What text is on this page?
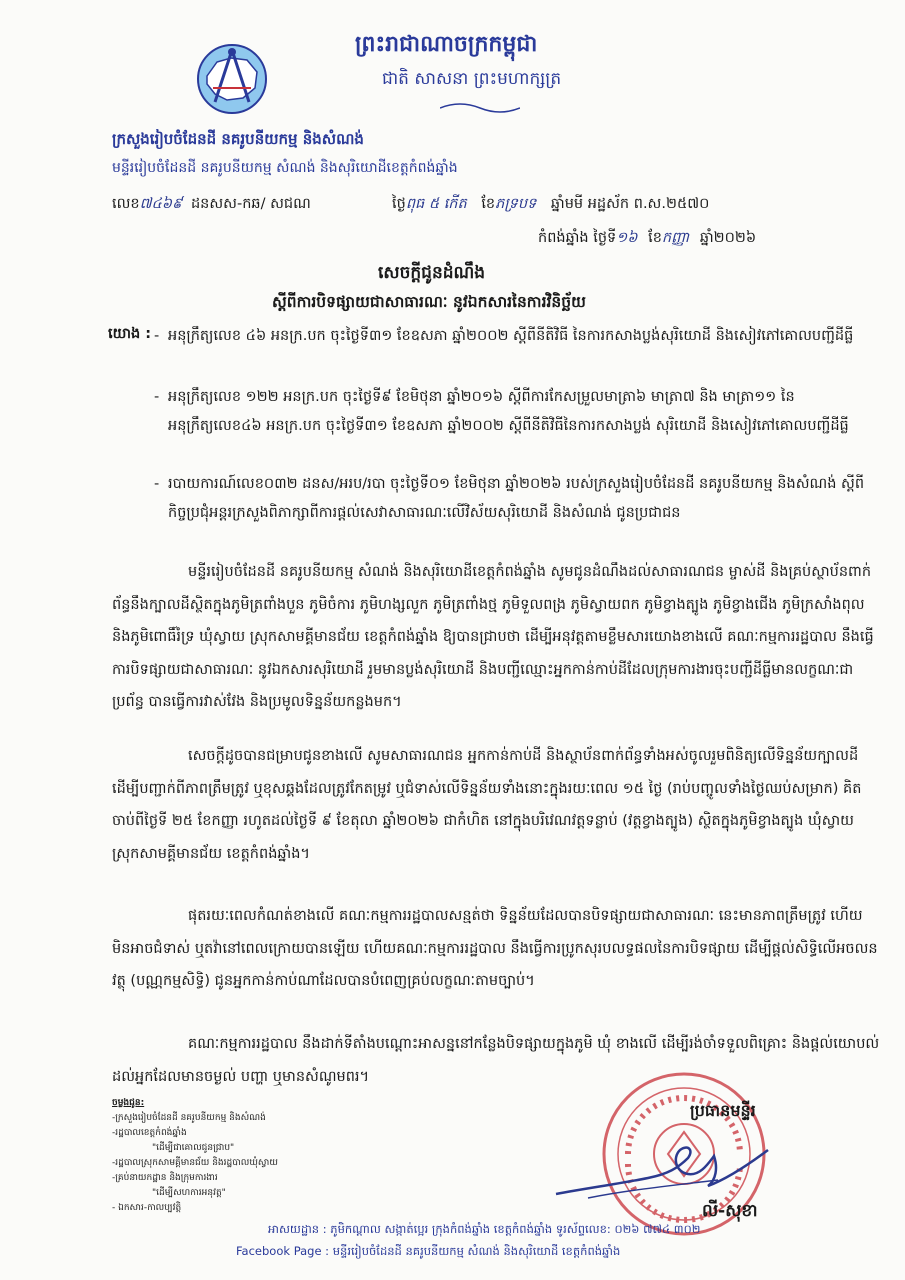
ព្រះរាជាណាចក្រកម្ពុជា
ជាតិ សាសនា ព្រះមហាក្សត្រ
ក្រសួងរៀបចំដែនដី នគរូបនីយកម្ម និងសំណង់
មន្ទីររៀបចំដែនដី នគរូបនីយកម្ម សំណង់ និងសុរិយោដីខេត្តកំពង់ឆ្នាំង
លេខ៧៤៦៩ ដនសស-កឆ/ សជណ	ថ្ងៃពុធ ៥ កើត ខែភទ្របទ ឆ្នាំមមី អដ្ឋស័ក ព.ស.២៥៧០
កំពង់ឆ្នាំង ថ្ងៃទី១៦ ខែកញ្ញា ឆ្នាំ២០២៦
សេចក្តីជូនដំណឹង
ស្តីពីការបិទផ្សាយជាសាធារណៈ នូវឯកសារនៃការវិនិច្ឆ័យ
យោង : - អនុក្រឹត្យលេខ ៤៦ អនក្រ.បក ចុះថ្ងៃទី៣១ ខែឧសភា ឆ្នាំ២០០២ ស្តីពីនីតិវិធី នៃការកសាងប្លង់សុរិយោដី និងសៀវភៅគោលបញ្ជីដីធ្លី
- អនុក្រឹត្យលេខ ១២២ អនក្រ.បក ចុះថ្ងៃទី៩ ខែមិថុនា ឆ្នាំ២០១៦ ស្តីពីការកែសម្រួលមាត្រា៦ មាត្រា៧ និង មាត្រា១១ នៃអនុក្រឹត្យលេខ៤៦ អនក្រ.បក ចុះថ្ងៃទី៣១ ខែឧសភា ឆ្នាំ២០០២ ស្តីពីនីតិវិធីនៃការកសាងប្លង់ សុរិយោដី និងសៀវភៅគោលបញ្ជីដីធ្លី
- របាយការណ៍លេខ០៣២ ដនស/អរប/របា ចុះថ្ងៃទី០១ ខែមិថុនា ឆ្នាំ២០២៦ របស់ក្រសួងរៀបចំដែនដី នគរូបនីយកម្ម និងសំណង់ ស្តីពីកិច្ចប្រជុំអន្តរក្រសួងពិភាក្សាពីការផ្តល់សេវាសាធារណៈលើវិស័យសុរិយោដី និងសំណង់ ជូនប្រជាជន
មន្ទីររៀបចំដែនដី នគរូបនីយកម្ម សំណង់ និងសុរិយោដីខេត្តកំពង់ឆ្នាំង សូមជូនដំណឹងដល់សាធារណជន ម្ចាស់ដី និងគ្រប់ស្ថាប័នពាក់ព័ន្ធនឹងក្បាលដីស្ថិតក្នុងភូមិត្រពាំងបួន ភូមិចំការ ភូមិហង្សលួក ភូមិត្រពាំងថ្ម ភូមិទួលពង្រ ភូមិស្វាយពក ភូមិខ្វាងត្បូង ភូមិខ្វាងជើង ភូមិក្រសាំងពុល និងភូមិពោធិ៍រំទ្រ ឃុំស្វាយ ស្រុកសាមគ្គីមានជ័យ ខេត្តកំពង់ឆ្នាំង ឱ្យបានជ្រាបថា ដើម្បីអនុវត្តតាមខ្លឹមសារយោងខាងលើ គណៈកម្មការរដ្ឋបាល នឹងធ្វើការបិទផ្សាយជាសាធារណៈ នូវឯកសារសុរិយោដី រួមមានប្លង់សុរិយោដី និងបញ្ជីឈ្មោះអ្នកកាន់កាប់ដីដែលក្រុមការងារចុះបញ្ជីដីធ្លីមានលក្ខណៈជាប្រព័ន្ធ បានធ្វើការវាស់វែង និងប្រមូលទិន្នន័យកន្លងមក។
សេចក្តីដូចបានជម្រាបជូនខាងលើ សូមសាធារណជន អ្នកកាន់កាប់ដី និងស្ថាប័នពាក់ព័ន្ធទាំងអស់ចូលរួមពិនិត្យលើទិន្នន័យក្បាលដី ដើម្បីបញ្ជាក់ពីភាពត្រឹមត្រូវ ឬខុសឆ្គងដែលត្រូវកែតម្រូវ ឬជំទាស់លើទិន្នន័យទាំងនោះក្នុងរយៈពេល ១៥ ថ្ងៃ (រាប់បញ្ចូលទាំងថ្ងៃឈប់សម្រាក) គិតចាប់ពីថ្ងៃទី ២៥ ខែកញ្ញា រហូតដល់ថ្ងៃទី ៩ ខែតុលា ឆ្នាំ២០២៦ ជាកំហិត នៅក្នុងបរិវេណវត្តទន្លាប់ (វត្តខ្វាងត្បូង) ស្ថិតក្នុងភូមិខ្វាងត្បូង ឃុំស្វាយ ស្រុកសាមគ្គីមានជ័យ ខេត្តកំពង់ឆ្នាំង។
ផុតរយៈពេលកំណត់ខាងលើ គណៈកម្មការរដ្ឋបាលសន្មត់ថា ទិន្នន័យដែលបានបិទផ្សាយជាសាធារណៈ នេះមានភាពត្រឹមត្រូវ ហើយមិនអាចជំទាស់ ឬតវ៉ានៅពេលក្រោយបានឡើយ ហើយគណៈកម្មការរដ្ឋបាល នឹងធ្វើការប្រូកសុរបលទ្ធផលនៃការបិទផ្សាយ ដើម្បីផ្តល់សិទ្ធិលើអចលនវត្ថុ (បណ្ណកម្មសិទ្ធិ) ជូនអ្នកកាន់កាប់ណាដែលបានបំពេញគ្រប់លក្ខណៈតាមច្បាប់។
គណៈកម្មការរដ្ឋបាល នឹងដាក់ទីតាំងបណ្ដោះអាសន្ននៅកន្លែងបិទផ្សាយក្នុងភូមិ ឃុំ ខាងលើ ដើម្បីរង់ចាំទទួលពិគ្រោះ និងផ្តល់យោបល់ដល់អ្នកដែលមានចម្ងល់ បញ្ហា ឬមានសំណូមពរ។
ចម្លងជូន:
-ក្រសួងរៀបចំដែនដី នគរូបនីយកម្ម និងសំណង់
-រដ្ឋបាលខេត្តកំពង់ឆ្នាំង
"ដើម្បីជាគោលជូនជ្រាប"
-រដ្ឋបាលស្រុកសាមគ្គីមានជ័យ និងរដ្ឋបាលឃុំស្វាយ
-គ្រប់នាយកដ្ឋាន និងក្រុមការងារ
"ដើម្បីសហការអនុវត្ត"
- ឯកសារ-កាលប្បវត្តិ
ប្រធានមន្ទីរ
លី-សុខា
អាសយដ្ឋាន : ភូមិកណ្តាល សង្កាត់ប្អេរ ក្រុងកំពង់ឆ្នាំង ខេត្តកំពង់ឆ្នាំង ទូរស័ព្ទលេខ: ០២៦ ៧៧៤ ៣០២
Facebook Page : មន្ទីររៀបចំដែនដី នគរូបនីយកម្ម សំណង់ និងសុរិយោដី ខេត្តកំពង់ឆ្នាំង
